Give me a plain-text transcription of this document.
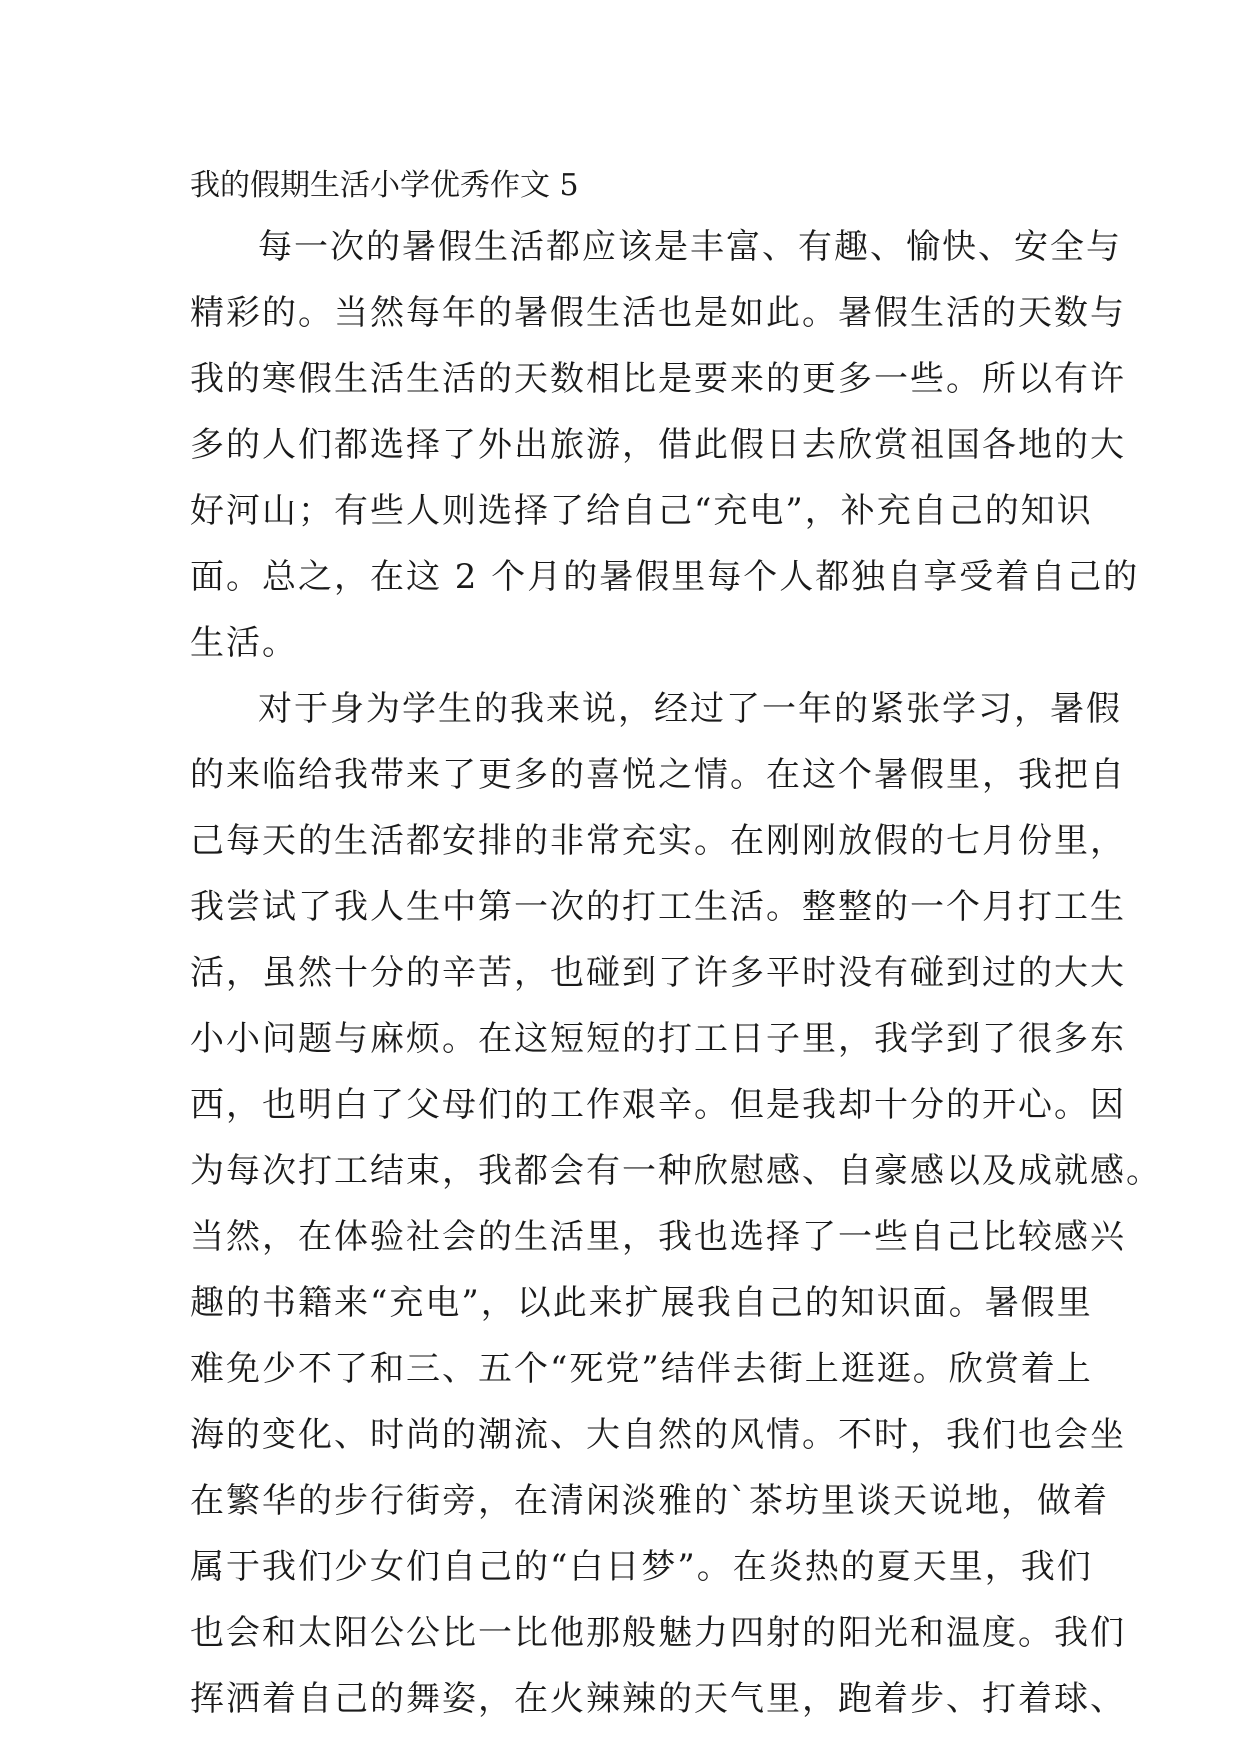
我的假期生活小学优秀作文 5
每一次的暑假生活都应该是丰富、有趣、愉快、安全与
精彩的。当然每年的暑假生活也是如此。暑假生活的天数与
我的寒假生活生活的天数相比是要来的更多一些。所以有许
多的人们都选择了外出旅游，借此假日去欣赏祖国各地的大
好河山；有些人则选择了给自己“充电”，补充自己的知识
面。总之，在这 2 个月的暑假里每个人都独自享受着自己的
生活。
对于身为学生的我来说，经过了一年的紧张学习，暑假
的来临给我带来了更多的喜悦之情。在这个暑假里，我把自
己每天的生活都安排的非常充实。在刚刚放假的七月份里，
我尝试了我人生中第一次的打工生活。整整的一个月打工生
活，虽然十分的辛苦，也碰到了许多平时没有碰到过的大大
小小问题与麻烦。在这短短的打工日子里，我学到了很多东
西，也明白了父母们的工作艰辛。但是我却十分的开心。因
为每次打工结束，我都会有一种欣慰感、自豪感以及成就感。
当然，在体验社会的生活里，我也选择了一些自己比较感兴
趣的书籍来“充电”，以此来扩展我自己的知识面。暑假里
难免少不了和三、五个“死党”结伴去街上逛逛。欣赏着上
海的变化、时尚的潮流、大自然的风情。不时，我们也会坐
在繁华的步行街旁，在清闲淡雅的`茶坊里谈天说地，做着
属于我们少女们自己的“白日梦”。在炎热的夏天里，我们
也会和太阳公公比一比他那般魅力四射的阳光和温度。我们
挥洒着自己的舞姿，在火辣辣的天气里，跑着步、打着球、
